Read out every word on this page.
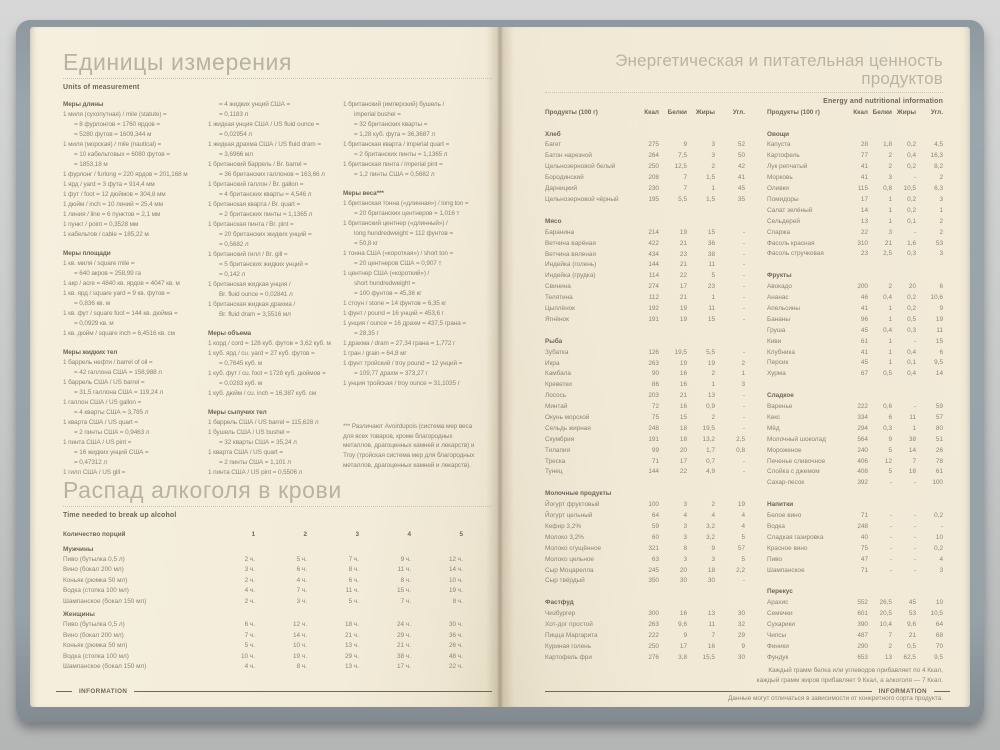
Единицы измерения
Units of measurement
Меры длины
1 миля (сухопутная) / mile (statute) =
= 8 фурлонгов = 1760 ярдов =
= 5280 футов = 1609,344 м
1 миля (морская) / mile (nautical) =
= 10 кабельтовых = 6080 футов =
= 1853,18 м
1 фурлонг / furlong = 220 ярдов = 201,168 м
1 ярд / yard = 3 фута = 914,4 мм
1 фут / foot = 12 дюймов = 304,8 мм
1 дюйм / inch = 10 линий = 25,4 мм
1 линия / line = 6 пунктов = 2,1 мм
1 пункт / point = 0,3528 мм
1 кабельтов / cable = 185,22 м
Меры площади
1 кв. миля / square mile =
= 640 акров = 258,99 га
1 акр / acre = 4840 кв. ярдов = 4047 кв. м
1 кв. ярд / square yard = 9 кв. футов =
= 0,836 кв. м
1 кв. фут / square foot = 144 кв. дюйма =
= 0,0929 кв. м
1 кв. дюйм / square inch = 6,4516 кв. см
Меры жидких тел
1 баррель нефти / barrel of oil =
= 42 галлона США = 158,988 л
1 баррель США / US barrel =
= 31,5 галлона США = 119,24 л
1 галлон США / US gallon =
= 4 кварты США = 3,785 л
1 кварта США / US quart =
= 2 пинты США = 0,9463 л
1 пинта США / US pint =
= 16 жидких унций США =
= 0,47312 л
1 гилл США / US gill =
= 4 жидких унций США =
= 0,1183 л
1 жидкая унция США / US fluid ounce =
= 0,02954 л
1 жидкая драхма США / US fluid dram =
= 3,6966 мл
1 британский баррель / Br. barrel =
= 36 британских галлонов = 163,66 л
1 британский галлон / Br. gallon =
= 4 британских кварты = 4,546 л
1 британская кварта / Br. quart =
= 2 британских пинты = 1,1365 л
1 британская пинта / Br. pint =
= 20 британских жидких унций =
= 0,5682 л
1 британский гилл / Br. gill =
= 5 британских жидких унций =
= 0,142 л
1 британская жидкая унция /
Br. fluid ounce = 0,02841 л
1 британская жидкая драхма /
Br. fluid dram = 3,5516 мл
Меры объема
1 корд / cord = 128 куб. футов = 3,62 куб. м
1 куб. ярд / cu. yard = 27 куб. футов =
= 0,7645 куб. м
1 куб. фут / cu. foot = 1728 куб. дюймов =
= 0,0283 куб. м
1 куб. дюйм / cu. inch = 16,387 куб. см
Меры сыпучих тел
1 баррель США / US barrel = 115,628 л
1 бушель США / US bushel =
= 32 кварты США = 35,24 л
1 кварта США / US quart =
= 2 пинты США = 1,101 л
1 пинта США / US pint = 0,5506 л
1 британский (имперский) бушель /
imperial bushel =
= 32 британских кварты =
= 1,28 куб. фута = 36,3687 л
1 британская кварта / imperial quart =
= 2 британских пинты = 1,1365 л
1 британская пинта / imperial pint =
= 1,2 пинты США = 0,5682 л
Меры веса***
1 британская тонна («длинная») / long ton =
= 20 британских центнеров = 1,016 т
1 британский центнер («длинный») /
long hundredweight = 112 фунтов =
= 50,8 кг
1 тонна США («короткая») / short ton =
= 20 центнеров США = 0,907 т
1 центнер США («короткий») /
short hundredweight =
= 100 фунтов = 45,36 кг
1 стоун / stone = 14 фунтов = 6,35 кг
1 фунт / pound = 16 унций = 453,6 г
1 унция / ounce = 16 драхм = 437,5 грана =
= 28,35 г
1 драхма / dram = 27,34 грана = 1,772 г
1 гран / grain = 64,8 мг
1 фунт тройский / troy pound = 12 унций =
= 109,77 драхм = 373,27 г
1 унция тройская / troy ounce = 31,1035 г
*** Различают Avoirdupois (система мер веса для всех товаров, кроме благородных металлов, драгоценных камней и лекарств) и Troy (тройская система мер для благородных металлов, драгоценных камней и лекарств).
Распад алкоголя в крови
Time needed to break up alcohol
Количество порций	1	2	3	4	5
Мужчины
Пиво (бутылка 0,5 л)	2 ч.	5 ч.	7 ч.	9 ч.	12 ч.
Вино (бокал 200 мл)	3 ч.	6 ч.	8 ч.	11 ч.	14 ч.
Коньяк (рюмка 50 мл)	2 ч.	4 ч.	6 ч.	8 ч.	10 ч.
Водка (стопка 100 мл)	4 ч.	7 ч.	11 ч.	15 ч.	19 ч.
Шампанское (бокал 150 мл)	2 ч.	3 ч.	5 ч.	7 ч.	8 ч.
Женщины
Пиво (бутылка 0,5 л)	6 ч.	12 ч.	18 ч.	24 ч.	30 ч.
Вино (бокал 200 мл)	7 ч.	14 ч.	21 ч.	29 ч.	36 ч.
Коньяк (рюмка 50 мл)	5 ч.	10 ч.	13 ч.	21 ч.	26 ч.
Водка (стопка 100 мл)	10 ч.	19 ч.	29 ч.	38 ч.	48 ч.
Шампанское (бокал 150 мл)	4 ч.	8 ч.	13 ч.	17 ч.	22 ч.
INFORMATION
Энергетическая и питательная ценность продуктов
Energy and nutritional information
Продукты (100 г)	Ккал	Белки	Жиры	Угл.
Хлеб
Багет	275	9	3	52
Батон нарезной	264	7,5	3	50
Цельнозерновой белый	250	12,5	2	42
Бородинский	208	7	1,5	41
Дарницкий	230	7	1	45
Цельнозерновой чёрный	195	5,5	1,5	35
Мясо
Баранина	214	19	15	-
Ветчина варёная	422	21	36	-
Ветчина вяленая	434	23	38	-
Индейка (голень)	144	21	11	-
Индейка (грудка)	114	22	5	-
Свинина	274	17	23	-
Телятина	112	21	1	-
Цыплёнок	192	19	11	-
Ягнёнок	191	19	15	-
Рыба
Зубатка	126	19,5	5,5	-
Икра	263	19	19	2
Камбала	90	16	2	1
Креветки	86	16	1	3
Лосось	203	21	13	-
Минтай	72	16	0,9	-
Окунь морской	75	15	2	-
Сельдь жирная	248	18	19,5	-
Скумбрия	191	18	13,2	2,5
Тилапия	99	20	1,7	0,8
Треска	71	17	0,7	-
Тунец	144	22	4,9	-
Молочные продукты
Йогурт фруктовый	100	3	2	19
Йогурт цельный	64	4	4	4
Кефир 3,2%	59	3	3,2	4
Молоко 3,2%	60	3	3,2	5
Молоко сгущённое	321	8	9	57
Молоко цельное	63	3	3	5
Сыр Моцарелла	245	20	18	2,2
Сыр твёрдый	350	30	30	-
Фастфуд
Чизбургер	300	16	13	30
Хот-дог простой	263	9,6	11	32
Пицца Маргарита	222	9	7	29
Куриная голень	250	17	16	9
Картофель фри	276	3,8	15,5	30
Продукты (100 г)	Ккал Белки Жиры	Угл.
Овощи
Капуста	28	1,8	0,2	4,5
Картофель	77	2	0,4	16,3
Лук репчатый	41	2	0,2	8,2
Морковь	41	3	-	2
Оливки	115	0,8	10,5	6,3
Помидоры	17	1	0,2	3
Салат зелёный	14	1	0,2	1
Сельдерей	13	1	0,1	2
Спаржа	22	3	-	2
Фасоль красная	310	21	1,6	53
Фасоль стручковая	23	2,5	0,3	3
Фрукты
Авокадо	200	2	20	6
Ананас	46	0,4	0,2	10,6
Апельсины	41	1	0,2	9
Бананы	96	1	0,5	19
Груша	45	0,4	0,3	11
Киви	61	1	-	15
Клубника	41	1	0,4	6
Персик	45	1	0,1	9,5
Хурма	67	0,5	0,4	14
Сладкое
Варенье	222	0,6	-	59
Кекс	334	6	11	57
Мёд	294	0,3	1	80
Молочный шоколад	564	9	38	51
Мороженое	240	5	14	26
Печенье сливочное	406	12	7	78
Слойка с джемом	408	5	18	61
Сахар-песок	392	-	-	100
Напитки
Белое вино	71	-	-	0,2
Водка	248	-	-	-
Сладкая газировка	40	-	-	10
Красное вино	75	-	-	0,2
Пиво	47	-	-	4
Шампанское	71	-	-	3
Перекус
Арахис	552	26,5	45	10
Семечки	601	20,5	53	10,5
Сухарики	390	10,4	9,6	64
Чипсы	487	7	21	68
Финики	290	2	0,5	70
Фундук	653	13	62,5	9,5
Каждый грамм белка или углеводов прибавляет по 4 Ккал,
каждый грамм жиров прибавляет 9 Ккал, а алкоголя — 7 Ккал.
Данные могут отличаться в зависимости от конкретного сорта продукта.
INFORMATION
